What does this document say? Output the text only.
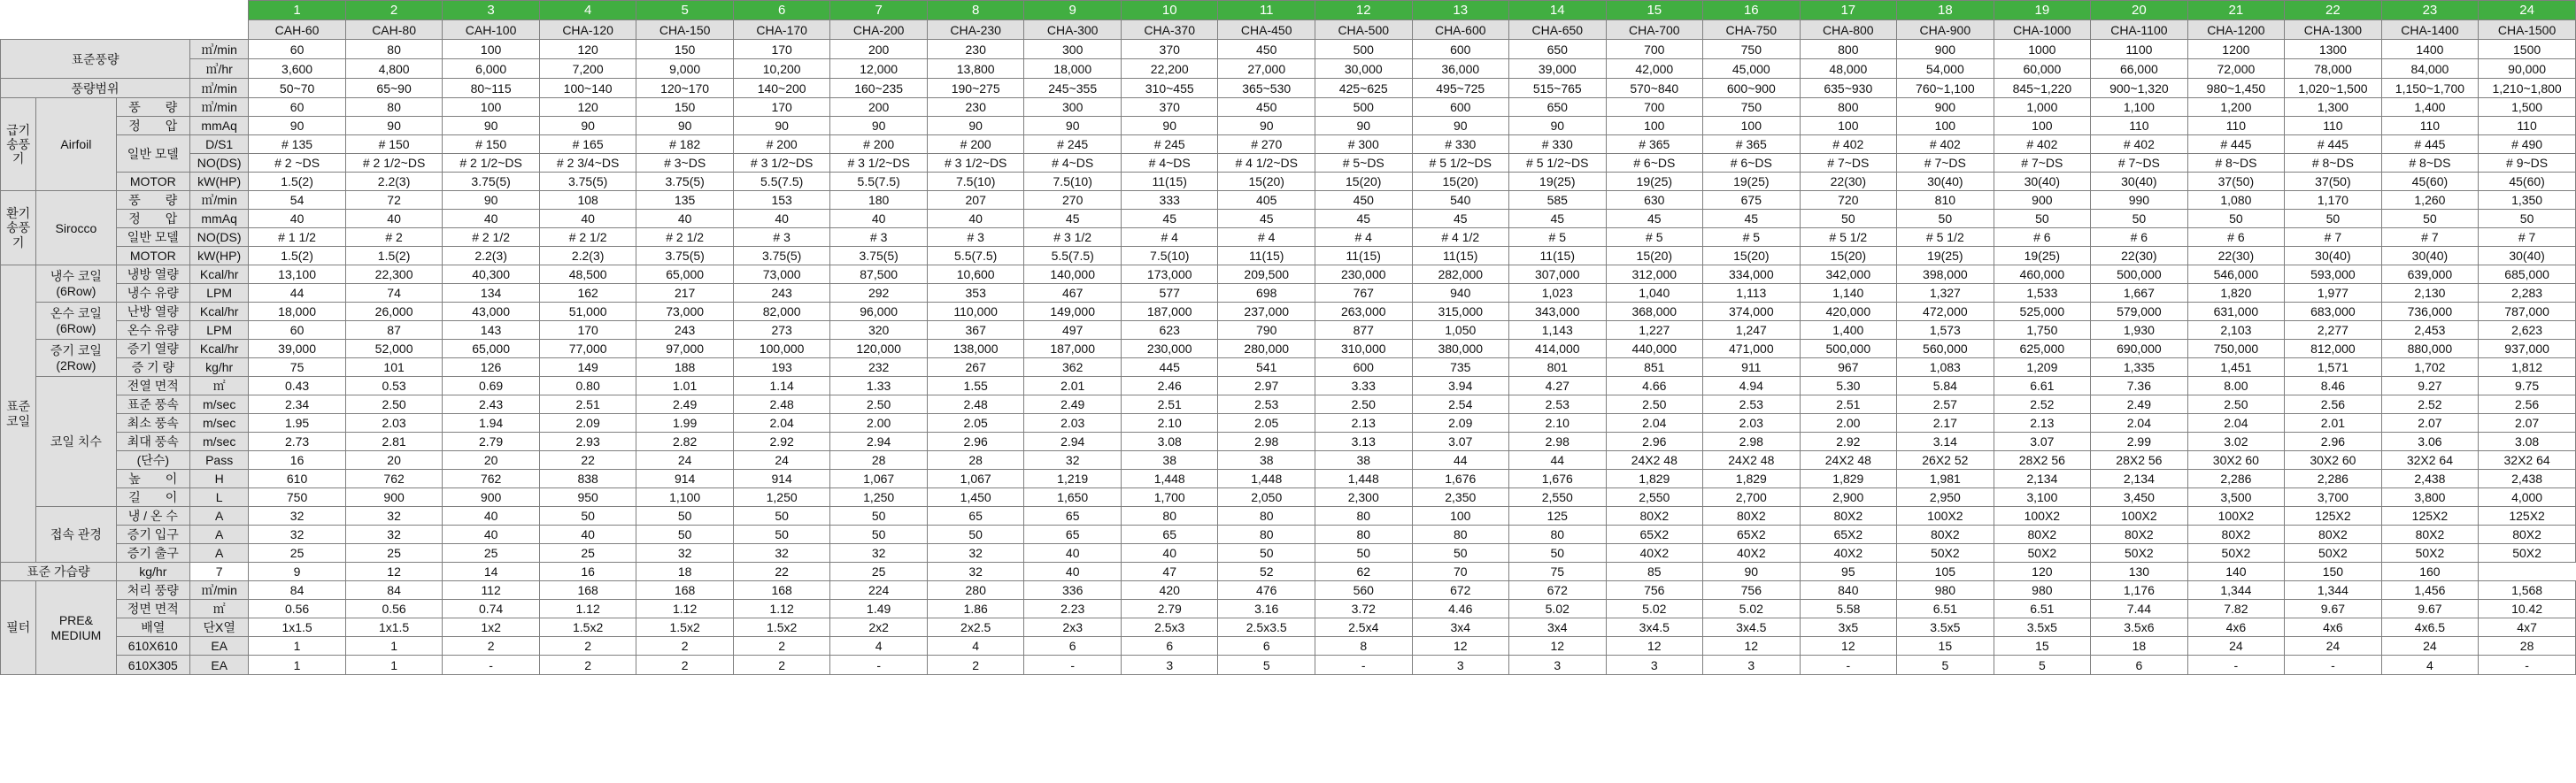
				1	2	3	4	5	6	7	8	9	10	11	12	13	14	15	16	17	18	19	20	21	22	23	24
				CAH-60	CAH-80	CAH-100	CHA-120	CHA-150	CHA-170	CHA-200	CHA-230	CHA-300	CHA-370	CHA-450	CHA-500	CHA-600	CHA-650	CHA-700	CHA-750	CHA-800	CHA-900	CHA-1000	CHA-1100	CHA-1200	CHA-1300	CHA-1400	CHA-1500
표준풍량			㎥/min	60	80	100	120	150	170	200	230	300	370	450	500	600	650	700	750	800	900	1000	1100	1200	1300	1400	1500
			㎥/hr	3,600	4,800	6,000	7,200	9,000	10,200	12,000	13,800	18,000	22,200	27,000	30,000	36,000	39,000	42,000	45,000	48,000	54,000	60,000	66,000	72,000	78,000	84,000	90,000
풍량범위			㎥/min	50~70	65~90	80~115	100~140	120~170	140~200	160~235	190~275	245~355	310~455	365~530	425~625	495~725	515~765	570~840	600~900	635~930	760~1,100	845~1,220	900~1,320	980~1,450	1,020~1,500	1,150~1,700	1,210~1,800
급기송풍기	Airfoil	풍　　량	㎥/min	60	80	100	120	150	170	200	230	300	370	450	500	600	650	700	750	800	900	1,000	1,100	1,200	1,300	1,400	1,500
		정　　압	mmAq	90	90	90	90	90	90	90	90	90	90	90	90	90	90	100	100	100	100	100	110	110	110	110	110
		일반 모델	D/S1	# 135	# 150	# 150	# 165	# 182	# 200	# 200	# 200	# 245	# 245	# 270	# 300	# 330	# 330	# 365	# 365	# 402	# 402	# 402	# 402	# 445	# 445	# 445	# 490
			NO(DS)	# 2 ~DS	# 2 1/2~DS	# 2 1/2~DS	# 2 3/4~DS	# 3~DS	# 3 1/2~DS	# 3 1/2~DS	# 3 1/2~DS	# 4~DS	# 4~DS	# 4 1/2~DS	# 5~DS	# 5 1/2~DS	# 5 1/2~DS	# 6~DS	# 6~DS	# 7~DS	# 7~DS	# 7~DS	# 7~DS	# 8~DS	# 8~DS	# 8~DS	# 9~DS
		MOTOR	kW(HP)	1.5(2)	2.2(3)	3.75(5)	3.75(5)	3.75(5)	5.5(7.5)	5.5(7.5)	7.5(10)	7.5(10)	11(15)	15(20)	15(20)	15(20)	19(25)	19(25)	19(25)	22(30)	30(40)	30(40)	30(40)	37(50)	37(50)	45(60)	45(60)
환기송풍기	Sirocco	풍　　량	㎥/min	54	72	90	108	135	153	180	207	270	333	405	450	540	585	630	675	720	810	900	990	1,080	1,170	1,260	1,350
		정　　압	mmAq	40	40	40	40	40	40	40	40	45	45	45	45	45	45	45	45	50	50	50	50	50	50	50	50
		일반 모델	NO(DS)	# 1 1/2	# 2	# 2 1/2	# 2 1/2	# 2 1/2	# 3	# 3	# 3	# 3 1/2	# 4	# 4	# 4	# 4 1/2	# 5	# 5	# 5	# 5 1/2	# 5 1/2	# 6	# 6	# 6	# 7	# 7	# 7
		MOTOR	kW(HP)	1.5(2)	1.5(2)	2.2(3)	2.2(3)	3.75(5)	3.75(5)	3.75(5)	5.5(7.5)	5.5(7.5)	7.5(10)	11(15)	11(15)	11(15)	11(15)	15(20)	15(20)	15(20)	19(25)	19(25)	22(30)	22(30)	30(40)	30(40)	30(40)
표준코일	냉수 코일 (6Row)	냉방 열량	Kcal/hr	13,100	22,300	40,300	48,500	65,000	73,000	87,500	10,600	140,000	173,000	209,500	230,000	282,000	307,000	312,000	334,000	342,000	398,000	460,000	500,000	546,000	593,000	639,000	685,000
		냉수 유량	LPM	44	74	134	162	217	243	292	353	467	577	698	767	940	1,023	1,040	1,113	1,140	1,327	1,533	1,667	1,820	1,977	2,130	2,283
	온수 코일 (6Row)	난방 열량	Kcal/hr	18,000	26,000	43,000	51,000	73,000	82,000	96,000	110,000	149,000	187,000	237,000	263,000	315,000	343,000	368,000	374,000	420,000	472,000	525,000	579,000	631,000	683,000	736,000	787,000
		온수 유량	LPM	60	87	143	170	243	273	320	367	497	623	790	877	1,050	1,143	1,227	1,247	1,400	1,573	1,750	1,930	2,103	2,277	2,453	2,623
	증기 코일 (2Row)	증기 열량	Kcal/hr	39,000	52,000	65,000	77,000	97,000	100,000	120,000	138,000	187,000	230,000	280,000	310,000	380,000	414,000	440,000	471,000	500,000	560,000	625,000	690,000	750,000	812,000	880,000	937,000
		증 기 량	kg/hr	75	101	126	149	188	193	232	267	362	445	541	600	735	801	851	911	967	1,083	1,209	1,335	1,451	1,571	1,702	1,812
	코일 치수	전열 면적	㎡	0.43	0.53	0.69	0.80	1.01	1.14	1.33	1.55	2.01	2.46	2.97	3.33	3.94	4.27	4.66	4.94	5.30	5.84	6.61	7.36	8.00	8.46	9.27	9.75
		표준 풍속	m/sec	2.34	2.50	2.43	2.51	2.49	2.48	2.50	2.48	2.49	2.51	2.53	2.50	2.54	2.53	2.50	2.53	2.51	2.57	2.52	2.49	2.50	2.56	2.52	2.56
		최소 풍속	m/sec	1.95	2.03	1.94	2.09	1.99	2.04	2.00	2.05	2.03	2.10	2.05	2.13	2.09	2.10	2.04	2.03	2.00	2.17	2.13	2.04	2.04	2.01	2.07	2.07
		최대 풍속	m/sec	2.73	2.81	2.79	2.93	2.82	2.92	2.94	2.96	2.94	3.08	2.98	3.13	3.07	2.98	2.96	2.98	2.92	3.14	3.07	2.99	3.02	2.96	3.06	3.08
		(단수)	Pass	16	20	20	22	24	24	28	28	32	38	38	38	44	44	24X2 48	24X2 48	24X2 48	26X2 52	28X2 56	28X2 56	30X2 60	30X2 60	32X2 64	32X2 64
		높　　이	H	610	762	762	838	914	914	1,067	1,067	1,219	1,448	1,448	1,448	1,676	1,676	1,829	1,829	1,829	1,981	2,134	2,134	2,286	2,286	2,438	2,438
		길　　이	L	750	900	900	950	1,100	1,250	1,250	1,450	1,650	1,700	2,050	2,300	2,350	2,550	2,550	2,700	2,900	2,950	3,100	3,450	3,500	3,700	3,800	4,000
	접속 관경	냉 / 온 수	A	32	32	40	50	50	50	50	65	65	80	80	80	100	125	80X2	80X2	80X2	100X2	100X2	100X2	100X2	125X2	125X2	125X2
		증기 입구	A	32	32	40	40	50	50	50	50	65	65	80	80	80	80	65X2	65X2	65X2	80X2	80X2	80X2	80X2	80X2	80X2	80X2
		증기 출구	A	25	25	25	25	32	32	32	32	40	40	50	50	50	50	40X2	40X2	40X2	50X2	50X2	50X2	50X2	50X2	50X2	50X2
표준 가습량		kg/hr	7	9	12	14	16	18	22	25	32	40	47	52	62	70	75	85	90	95	105	120	130	140	150	160	
필터	PRE& MEDIUM	처리 풍량	㎥/min	84	84	112	168	168	168	224	280	336	420	476	560	672	672	756	756	840	980	980	1,176	1,344	1,344	1,456	1,568
		정면 면적	㎡	0.56	0.56	0.74	1.12	1.12	1.12	1.49	1.86	2.23	2.79	3.16	3.72	4.46	5.02	5.02	5.02	5.58	6.51	6.51	7.44	7.82	9.67	9.67	10.42
		배열	단X열	1x1.5	1x1.5	1x2	1.5x2	1.5x2	1.5x2	2x2	2x2.5	2x3	2.5x3	2.5x3.5	2.5x4	3x4	3x4	3x4.5	3x4.5	3x5	3.5x5	3.5x5	3.5x6	4x6	4x6	4x6.5	4x7
		610X610	EA	1	1	2	2	2	2	4	4	6	6	6	8	12	12	12	12	12	15	15	18	24	24	24	28
		610X305	EA	1	1	-	2	2	2	-	2	-	3	5	-	3	3	3	3	-	5	5	6	-	-	4	-
